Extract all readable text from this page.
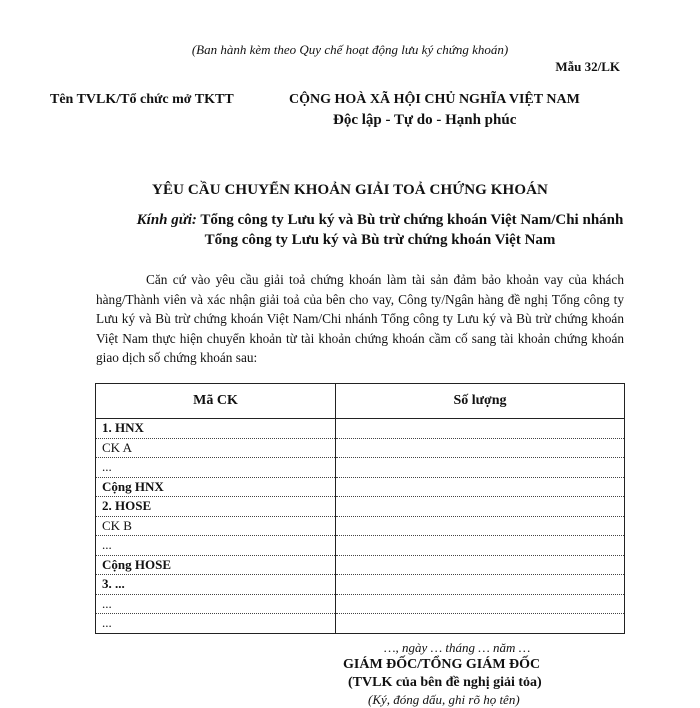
(Ban hành kèm theo Quy chế hoạt động lưu ký chứng khoán)
Mẫu 32/LK
Tên TVLK/Tổ chức mở TKTT	CỘNG HOÀ XÃ HỘI CHỦ NGHĨA VIỆT NAM
Độc lập - Tự do - Hạnh phúc
YÊU CẦU CHUYỂN KHOẢN GIẢI TOẢ CHỨNG KHOÁN
Kính gửi: Tổng công ty Lưu ký và Bù trừ chứng khoán Việt Nam/Chi nhánh Tổng công ty Lưu ký và Bù trừ chứng khoán Việt Nam
Căn cứ vào yêu cầu giải toả chứng khoán làm tài sản đảm bảo khoản vay của khách hàng/Thành viên và xác nhận giải toả của bên cho vay, Công ty/Ngân hàng đề nghị Tổng công ty Lưu ký và Bù trừ chứng khoán Việt Nam/Chi nhánh Tổng công ty Lưu ký và Bù trừ chứng khoán Việt Nam thực hiện chuyển khoản từ tài khoản chứng khoán cầm cố sang tài khoản chứng khoán giao dịch số chứng khoán sau:
Mã CK	Số lượng
1. HNX	
CK A	
...	
Cộng HNX	
2. HOSE	
CK B	
...	
Cộng HOSE	
3. ...	
...	
...	
…, ngày … tháng … năm …
GIÁM ĐỐC/TỔNG GIÁM ĐỐC
(TVLK của bên đề nghị giải tỏa)
(Ký, đóng dấu, ghi rõ họ tên)
